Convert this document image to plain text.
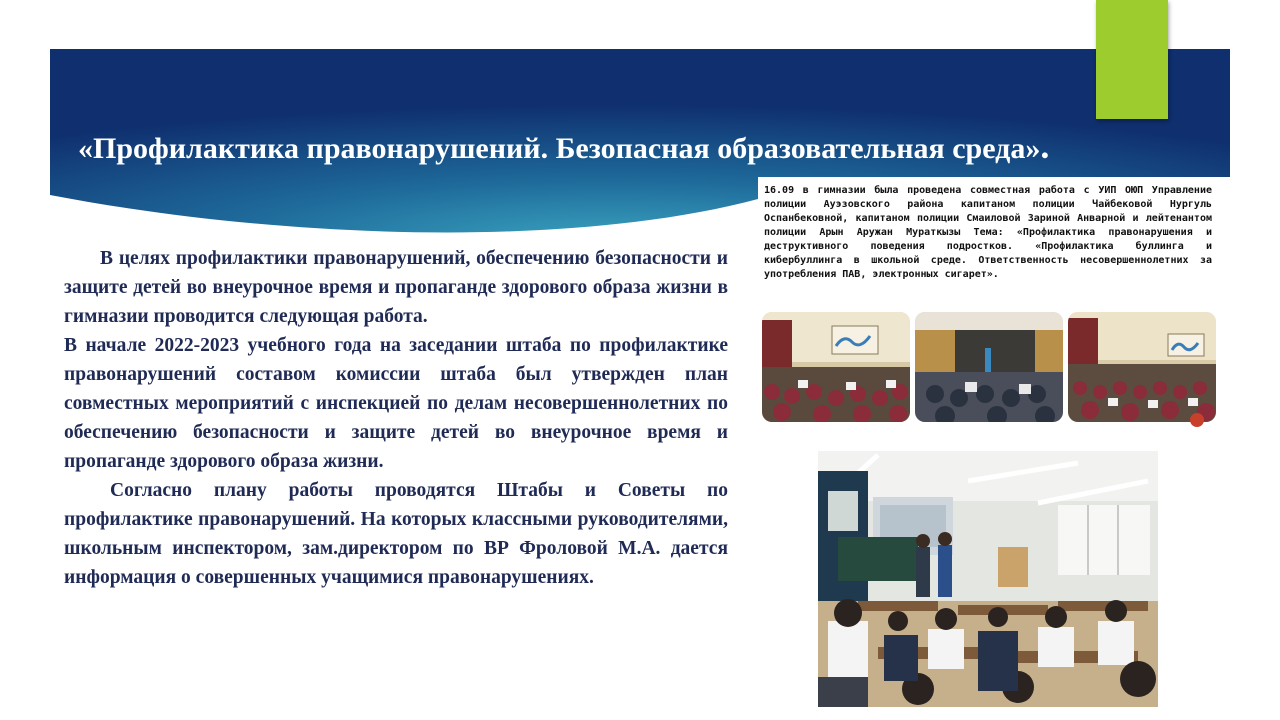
«Профилактика правонарушений. Безопасная образовательная среда».

В целях профилактики правонарушений, обеспечению безопасности и защите детей во внеурочное время и пропаганде здорового образа жизни в гимназии проводится следующая работа.

В начале 2022-2023 учебного года на заседании штаба по профилактике правонарушений составом комиссии штаба был утвержден план совместных мероприятий с инспекцией по делам несовершеннолетних по обеспечению безопасности и защите детей во внеурочное время и пропаганде здорового образа жизни.

Согласно плану работы проводятся Штабы и Советы по профилактике правонарушений. На которых классными руководителями, школьным инспектором, зам.директором по ВР Фроловой М.А. дается информация о совершенных учащимися правонарушениях.

16.09 в гимназии была проведена совместная работа с УИП ОЮП Управление полиции Ауэзовского района капитаном полиции Чайбековой Нургуль Оспанбековной, капитаном полиции Смаиловой Зариной Анварной и лейтенантом полиции Арын Аружан Мураткызы Тема: «Профилактика правонарушения и деструктивного поведения подростков. «Профилактика буллинга и кибербуллинга в школьной среде. Ответственность несовершеннолетних за употребления ПАВ, электронных сигарет».
